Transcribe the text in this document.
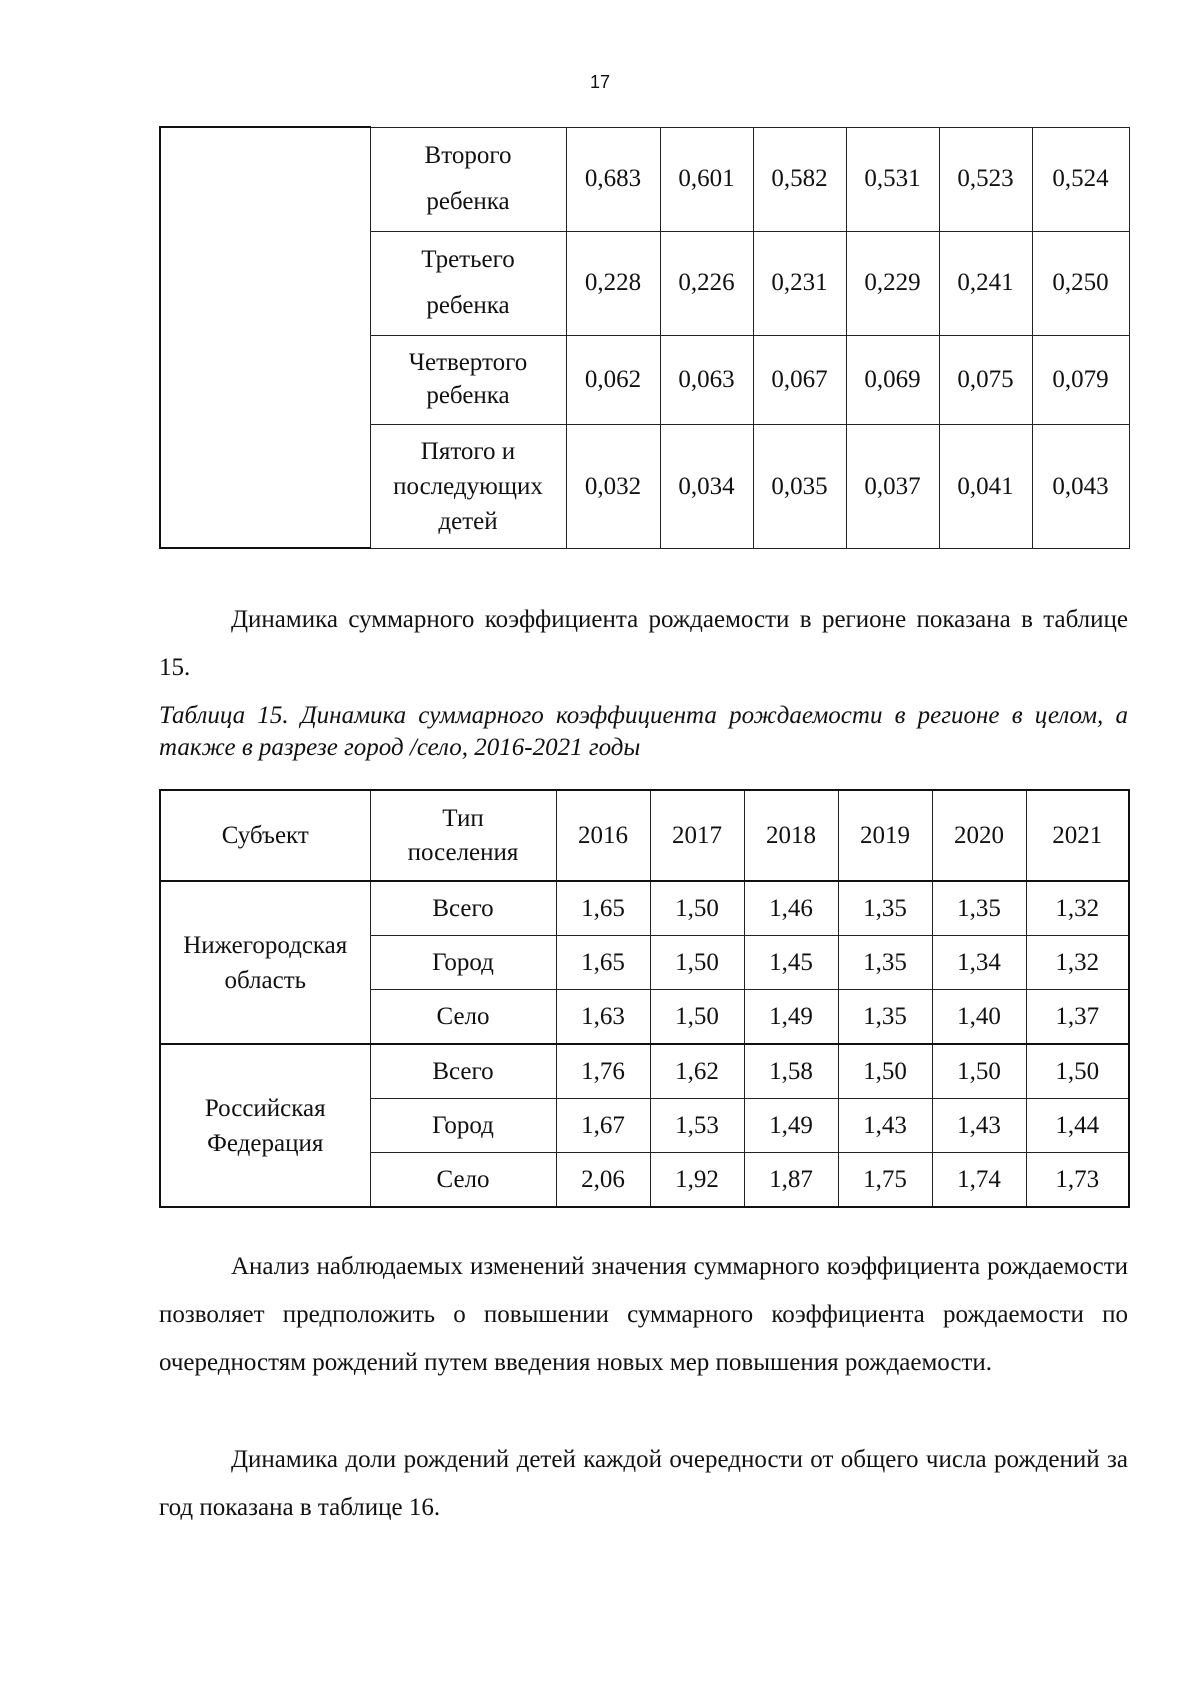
17

	Второго
ребенка	0,683	0,601	0,582	0,531	0,523	0,524

	Третьего
ребенка	0,228	0,226	0,231	0,229	0,241	0,250

	Четвертого
ребенка	0,062	0,063	0,067	0,069	0,075	0,079

	Пятого и
последующих
детей	0,032	0,034	0,035	0,037	0,041	0,043

Динамика суммарного коэффициента рождаемости в регионе показана в таблице 15.

Таблица 15. Динамика суммарного коэффициента рождаемости в регионе в целом, а также в разрезе город /село, 2016-2021 годы

Субъект	Тип
поселения	2016	2017	2018	2019	2020	2021

Нижегородская
область	Всего	1,65	1,50	1,46	1,35	1,35	1,32
	Город	1,65	1,50	1,45	1,35	1,34	1,32
	Село	1,63	1,50	1,49	1,35	1,40	1,37

Российская
Федерация	Всего	1,76	1,62	1,58	1,50	1,50	1,50
	Город	1,67	1,53	1,49	1,43	1,43	1,44
	Село	2,06	1,92	1,87	1,75	1,74	1,73

Анализ наблюдаемых изменений значения суммарного коэффициента рождаемости позволяет предположить о повышении суммарного коэффициента рождаемости по очередностям рождений путем введения новых мер повышения рождаемости.

Динамика доли рождений детей каждой очередности от общего числа рождений за год показана в таблице 16.
